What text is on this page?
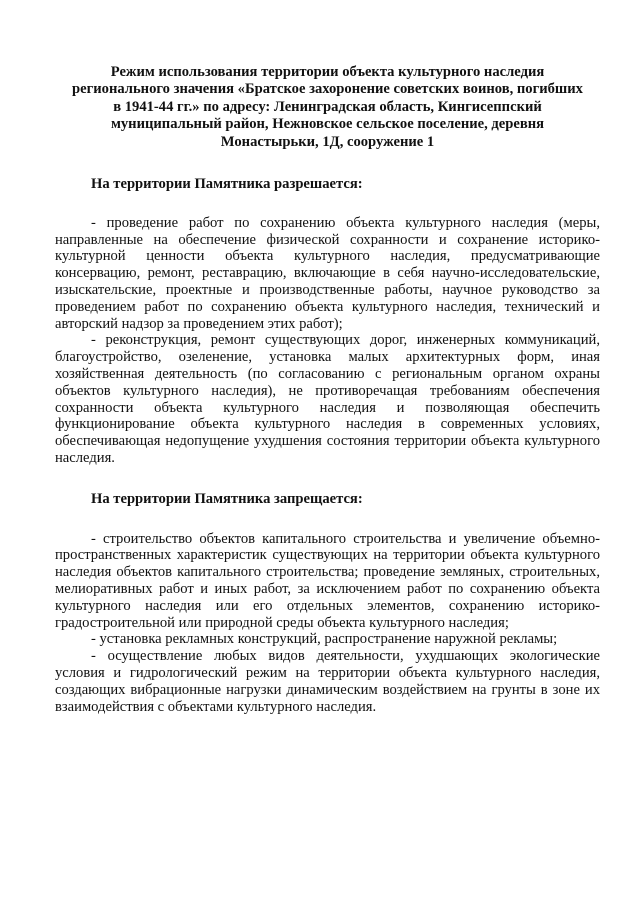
Режим использования территории объекта культурного наследия
регионального значения «Братское захоронение советских воинов, погибших
в 1941-44 гг.» по адресу: Ленинградская область, Кингисеппский
муниципальный район, Нежновское сельское поселение, деревня
Монастырьки, 1Д, сооружение 1

На территории Памятника разрешается:

- проведение работ по сохранению объекта культурного наследия (меры, направленные на обеспечение физической сохранности и сохранение историко-культурной ценности объекта культурного наследия, предусматривающие консервацию, ремонт, реставрацию, включающие в себя научно-исследовательские, изыскательские, проектные и производственные работы, научное руководство за проведением работ по сохранению объекта культурного наследия, технический и авторский надзор за проведением этих работ);

- реконструкция, ремонт существующих дорог, инженерных коммуникаций, благоустройство, озеленение, установка малых архитектурных форм, иная хозяйственная деятельность (по согласованию с региональным органом охраны объектов культурного наследия), не противоречащая требованиям обеспечения сохранности объекта культурного наследия и позволяющая обеспечить функционирование объекта культурного наследия в современных условиях, обеспечивающая недопущение ухудшения состояния территории объекта культурного наследия.

На территории Памятника запрещается:

- строительство объектов капитального строительства и увеличение объемно-пространственных характеристик существующих на территории объекта культурного наследия объектов капитального строительства; проведение земляных, строительных, мелиоративных работ и иных работ, за исключением работ по сохранению объекта культурного наследия или его отдельных элементов, сохранению историко-градостроительной или природной среды объекта культурного наследия;

- установка рекламных конструкций, распространение наружной рекламы;

- осуществление любых видов деятельности, ухудшающих экологические условия и гидрологический режим на территории объекта культурного наследия, создающих вибрационные нагрузки динамическим воздействием на грунты в зоне их взаимодействия с объектами культурного наследия.
